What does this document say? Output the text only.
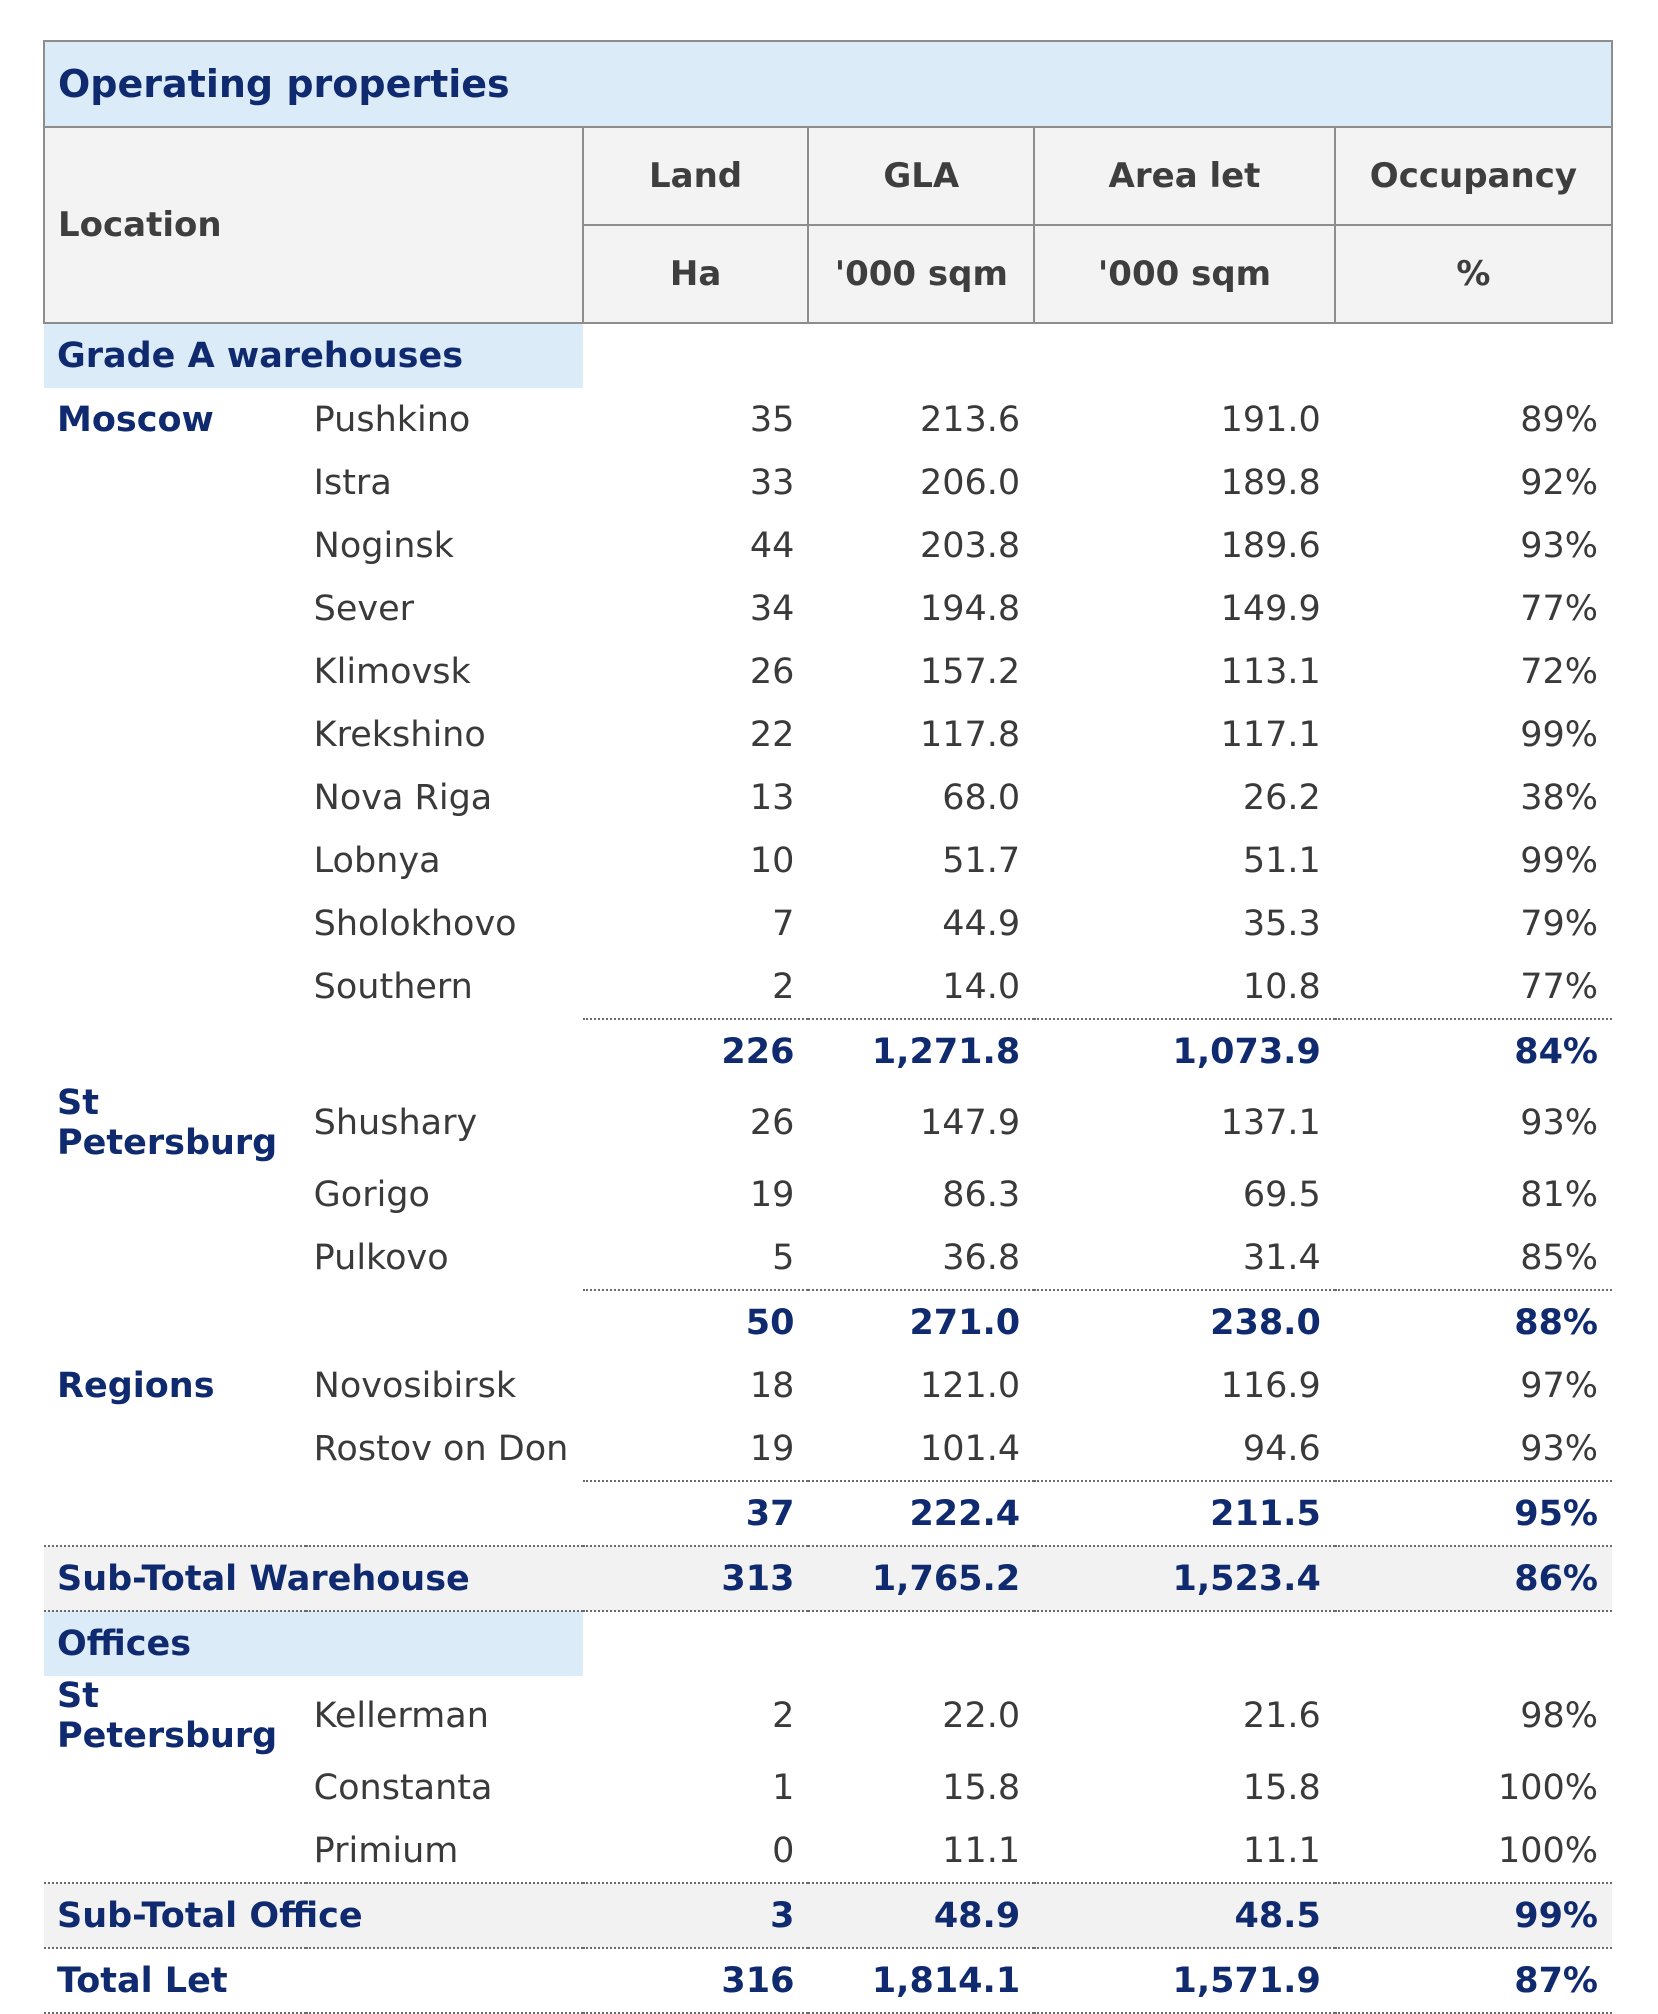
Operating properties					
Location		Land	GLA	Area let	Occupancy
		Ha	'000 sqm	'000 sqm	%
Grade A warehouses					
Moscow	Pushkino	35	213.6	191.0	89%
	Istra	33	206.0	189.8	92%
	Noginsk	44	203.8	189.6	93%
	Sever	34	194.8	149.9	77%
	Klimovsk	26	157.2	113.1	72%
	Krekshino	22	117.8	117.1	99%
	Nova Riga	13	68.0	26.2	38%
	Lobnya	10	51.7	51.1	99%
	Sholokhovo	7	44.9	35.3	79%
	Southern	2	14.0	10.8	77%
		226	1,271.8	1,073.9	84%
St Petersburg	Shushary	26	147.9	137.1	93%
	Gorigo	19	86.3	69.5	81%
	Pulkovo	5	36.8	31.4	85%
		50	271.0	238.0	88%
Regions	Novosibirsk	18	121.0	116.9	97%
	Rostov on Don	19	101.4	94.6	93%
		37	222.4	211.5	95%
Sub-Total Warehouse		313	1,765.2	1,523.4	86%
Offices					
St Petersburg	Kellerman	2	22.0	21.6	98%
	Constanta	1	15.8	15.8	100%
	Primium	0	11.1	11.1	100%
Sub-Total Office		3	48.9	48.5	99%
Total Let		316	1,814.1	1,571.9	87%
